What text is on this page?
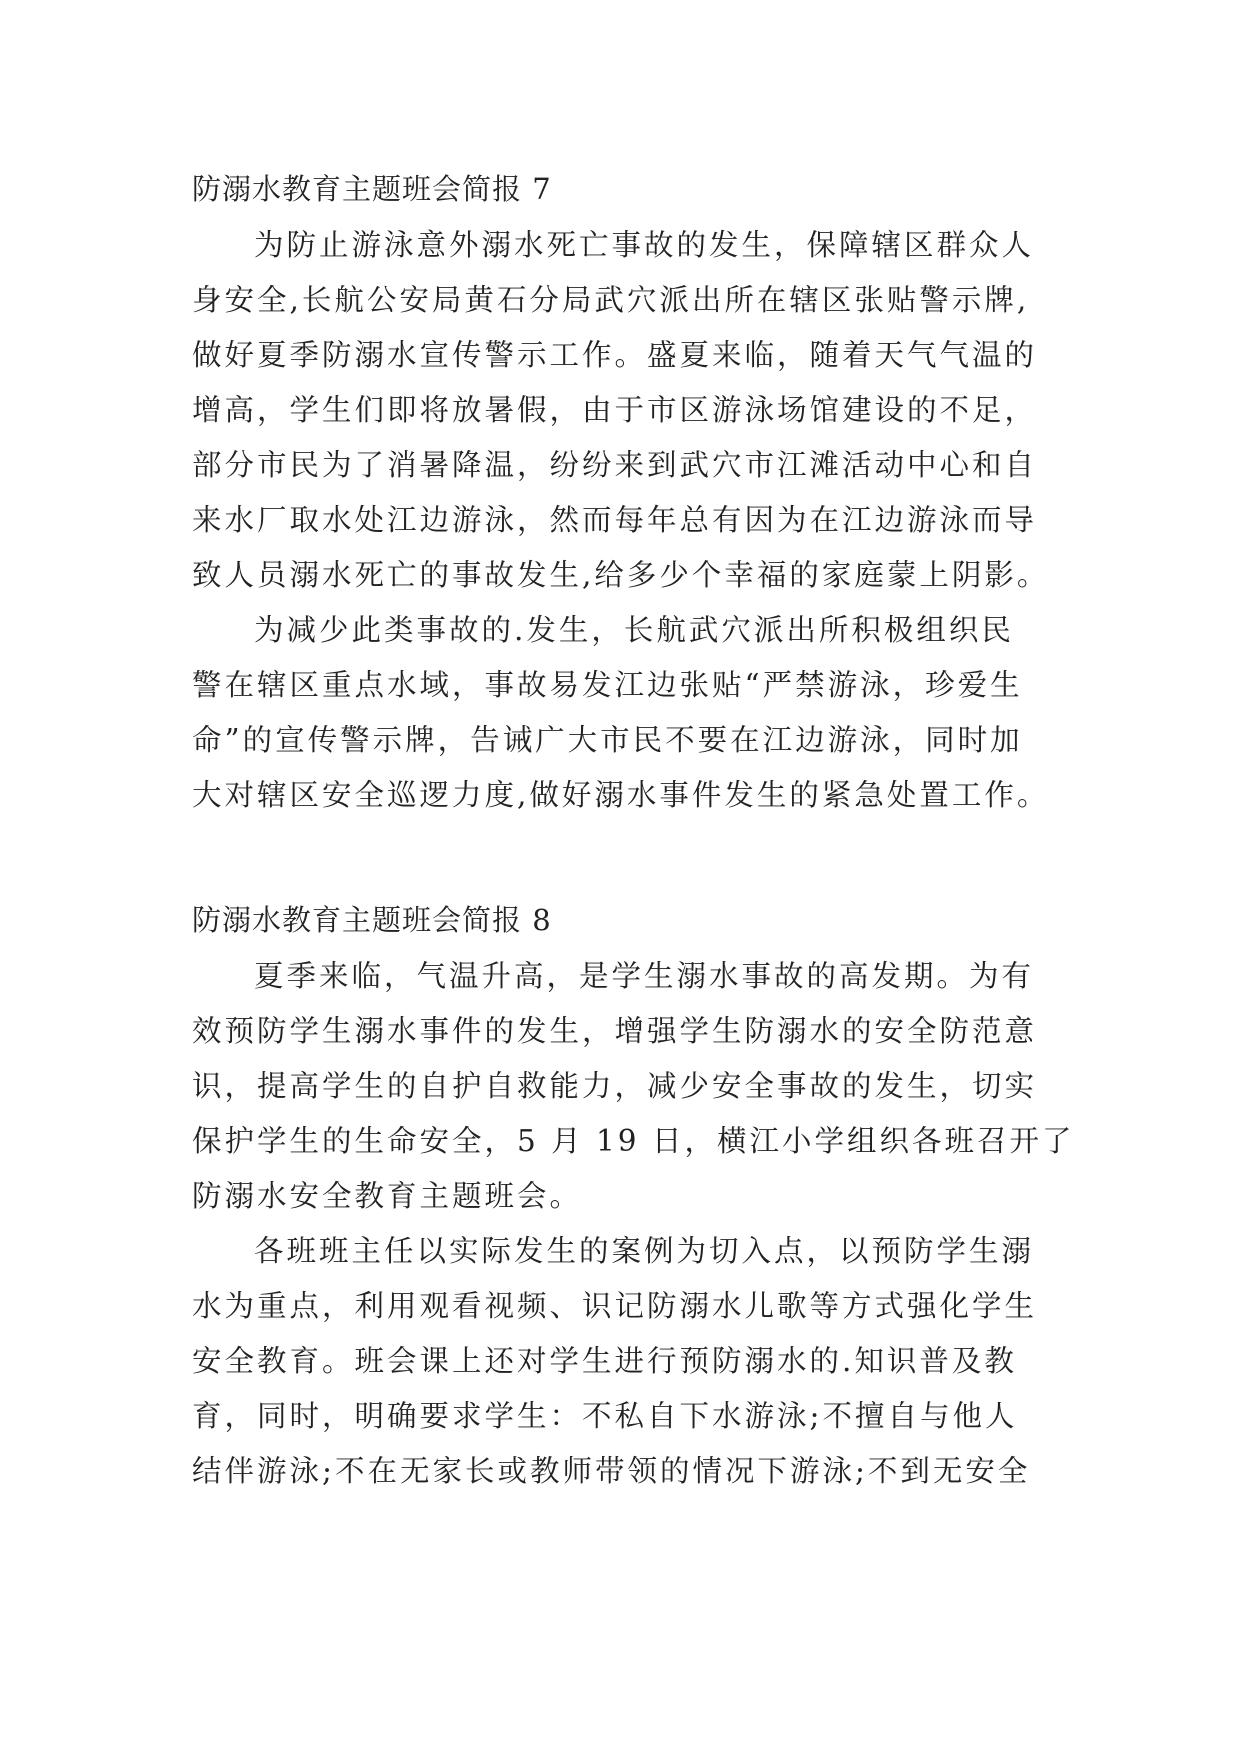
防溺水教育主题班会简报 7
为防止游泳意外溺水死亡事故的发生，保障辖区群众人
身安全,长航公安局黄石分局武穴派出所在辖区张贴警示牌,
做好夏季防溺水宣传警示工作。盛夏来临，随着天气气温的
增高，学生们即将放暑假，由于市区游泳场馆建设的不足，
部分市民为了消暑降温，纷纷来到武穴市江滩活动中心和自
来水厂取水处江边游泳，然而每年总有因为在江边游泳而导
致人员溺水死亡的事故发生,给多少个幸福的家庭蒙上阴影。
为减少此类事故的.发生，长航武穴派出所积极组织民
警在辖区重点水域，事故易发江边张贴“严禁游泳，珍爱生
命”的宣传警示牌，告诫广大市民不要在江边游泳，同时加
大对辖区安全巡逻力度,做好溺水事件发生的紧急处置工作。
防溺水教育主题班会简报 8
夏季来临，气温升高，是学生溺水事故的高发期。为有
效预防学生溺水事件的发生，增强学生防溺水的安全防范意
识，提高学生的自护自救能力，减少安全事故的发生，切实
保护学生的生命安全，5 月 19 日，横江小学组织各班召开了
防溺水安全教育主题班会。
各班班主任以实际发生的案例为切入点，以预防学生溺
水为重点，利用观看视频、识记防溺水儿歌等方式强化学生
安全教育。班会课上还对学生进行预防溺水的.知识普及教
育，同时，明确要求学生：不私自下水游泳;不擅自与他人
结伴游泳;不在无家长或教师带领的情况下游泳;不到无安全
